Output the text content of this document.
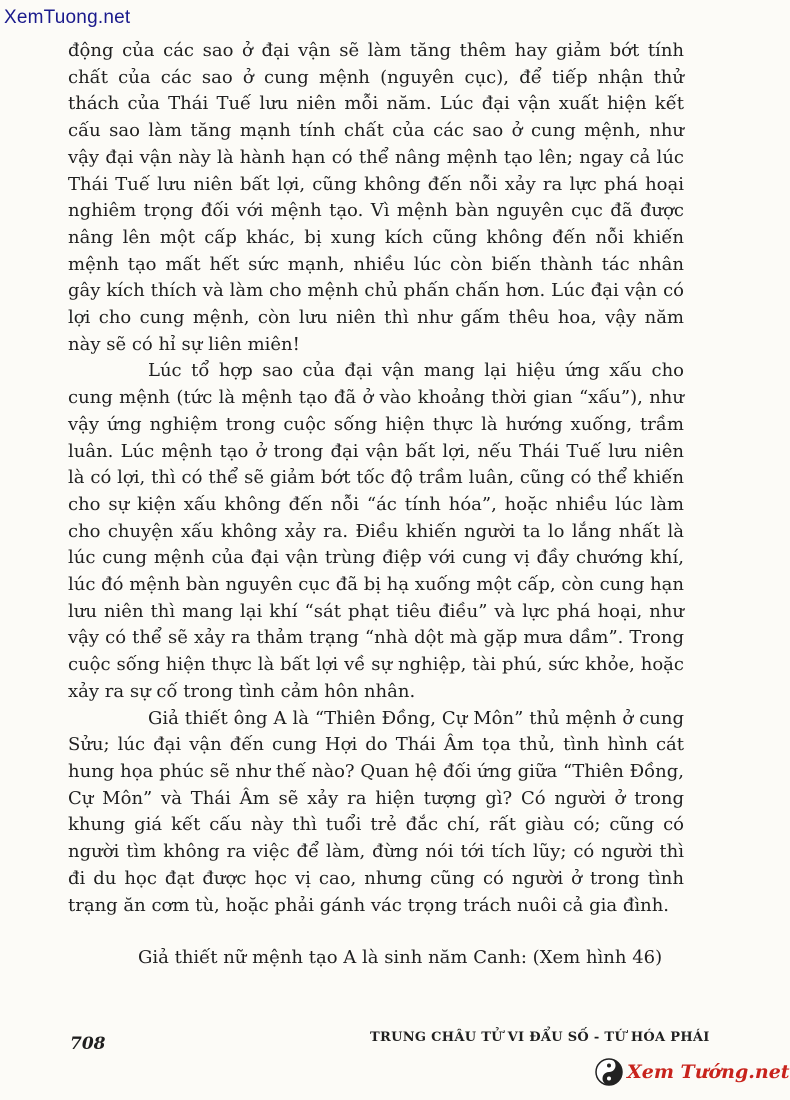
XemTuong.net

động của các sao ở đại vận sẽ làm tăng thêm hay giảm bớt tính chất của các sao ở cung mệnh (nguyên cục), để tiếp nhận thử thách của Thái Tuế lưu niên mỗi năm. Lúc đại vận xuất hiện kết cấu sao làm tăng mạnh tính chất của các sao ở cung mệnh, như vậy đại vận này là hành hạn có thể nâng mệnh tạo lên; ngay cả lúc Thái Tuế lưu niên bất lợi, cũng không đến nỗi xảy ra lực phá hoại nghiêm trọng đối với mệnh tạo. Vì mệnh bàn nguyên cục đã được nâng lên một cấp khác, bị xung kích cũng không đến nỗi khiến mệnh tạo mất hết sức mạnh, nhiều lúc còn biến thành tác nhân gây kích thích và làm cho mệnh chủ phấn chấn hơn. Lúc đại vận có lợi cho cung mệnh, còn lưu niên thì như gấm thêu hoa, vậy năm này sẽ có hỉ sự liên miên!

Lúc tổ hợp sao của đại vận mang lại hiệu ứng xấu cho cung mệnh (tức là mệnh tạo đã ở vào khoảng thời gian “xấu”), như vậy ứng nghiệm trong cuộc sống hiện thực là hướng xuống, trầm luân. Lúc mệnh tạo ở trong đại vận bất lợi, nếu Thái Tuế lưu niên là có lợi, thì có thể sẽ giảm bớt tốc độ trầm luân, cũng có thể khiến cho sự kiện xấu không đến nỗi “ác tính hóa”, hoặc nhiều lúc làm cho chuyện xấu không xảy ra. Điều khiến người ta lo lắng nhất là lúc cung mệnh của đại vận trùng điệp với cung vị đầy chướng khí, lúc đó mệnh bàn nguyên cục đã bị hạ xuống một cấp, còn cung hạn lưu niên thì mang lại khí “sát phạt tiêu điều” và lực phá hoại, như vậy có thể sẽ xảy ra thảm trạng “nhà dột mà gặp mưa dầm”. Trong cuộc sống hiện thực là bất lợi về sự nghiệp, tài phú, sức khỏe, hoặc xảy ra sự cố trong tình cảm hôn nhân.

Giả thiết ông A là “Thiên Đồng, Cự Môn” thủ mệnh ở cung Sửu; lúc đại vận đến cung Hợi do Thái Âm tọa thủ, tình hình cát hung họa phúc sẽ như thế nào? Quan hệ đối ứng giữa “Thiên Đồng, Cự Môn” và Thái Âm sẽ xảy ra hiện tượng gì? Có người ở trong khung giá kết cấu này thì tuổi trẻ đắc chí, rất giàu có; cũng có người tìm không ra việc để làm, đừng nói tới tích lũy; có người thì đi du học đạt được học vị cao, nhưng cũng có người ở trong tình trạng ăn cơm tù, hoặc phải gánh vác trọng trách nuôi cả gia đình.

Giả thiết nữ mệnh tạo A là sinh năm Canh: (Xem hình 46)
708	TRUNG CHÂU TỬ VI ĐẨU SỐ - TỨ HÓA PHÁI
Xem Tướng.net
